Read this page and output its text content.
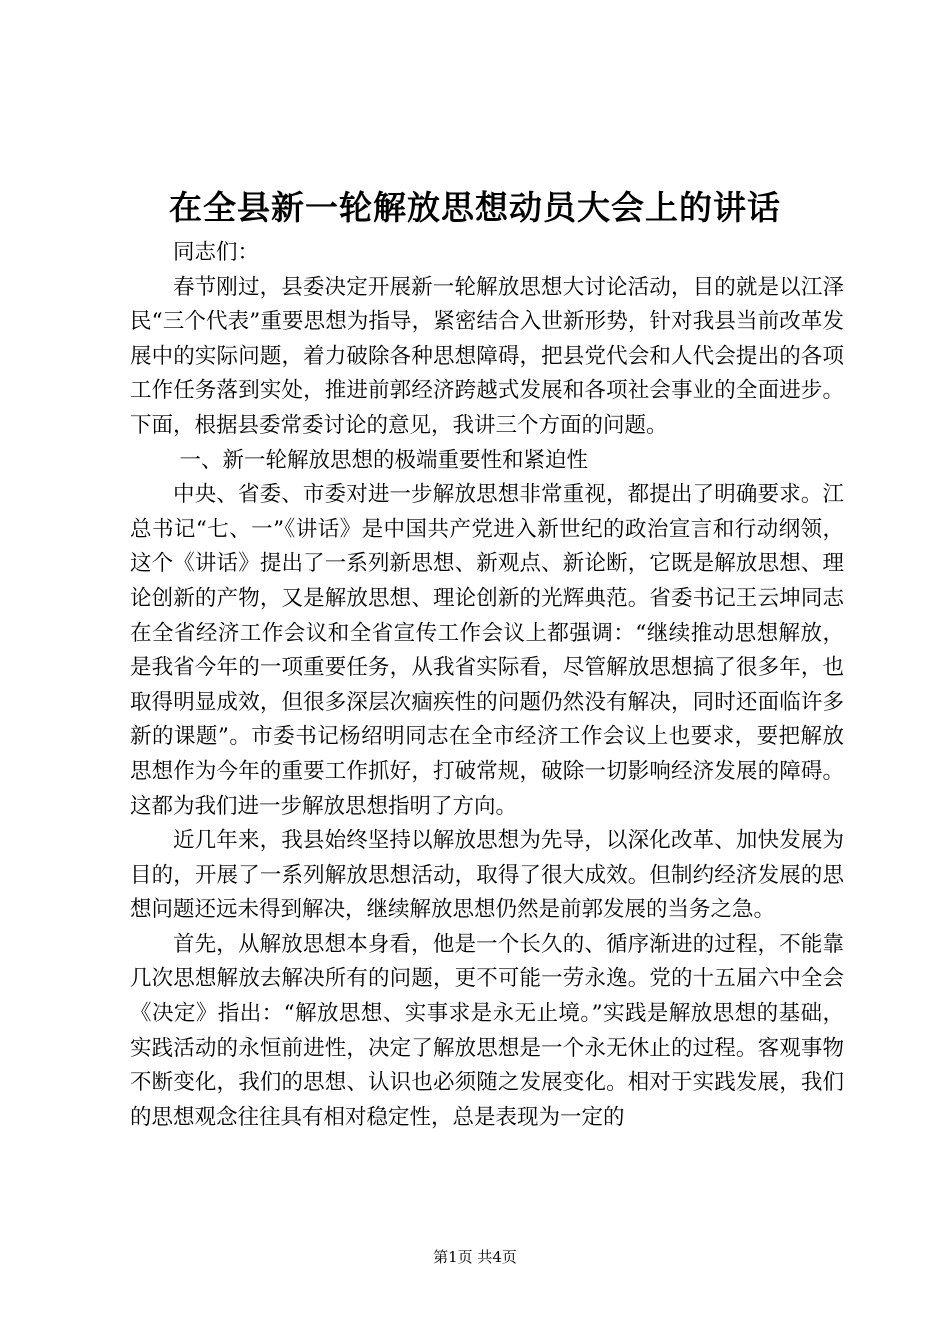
在全县新一轮解放思想动员大会上的讲话

同志们：

春节刚过，县委决定开展新一轮解放思想大讨论活动，目的就是以江泽民“三个代表”重要思想为指导，紧密结合入世新形势，针对我县当前改革发展中的实际问题，着力破除各种思想障碍，把县党代会和人代会提出的各项工作任务落到实处，推进前郭经济跨越式发展和各项社会事业的全面进步。下面，根据县委常委讨论的意见，我讲三个方面的问题。

一、新一轮解放思想的极端重要性和紧迫性

中央、省委、市委对进一步解放思想非常重视，都提出了明确要求。江总书记“七、一”《讲话》是中国共产党进入新世纪的政治宣言和行动纲领，这个《讲话》提出了一系列新思想、新观点、新论断，它既是解放思想、理论创新的产物，又是解放思想、理论创新的光辉典范。省委书记王云坤同志在全省经济工作会议和全省宣传工作会议上都强调：“继续推动思想解放，是我省今年的一项重要任务，从我省实际看，尽管解放思想搞了很多年，也取得明显成效，但很多深层次痼疾性的问题仍然没有解决，同时还面临许多新的课题”。市委书记杨绍明同志在全市经济工作会议上也要求，要把解放思想作为今年的重要工作抓好，打破常规，破除一切影响经济发展的障碍。这都为我们进一步解放思想指明了方向。

近几年来，我县始终坚持以解放思想为先导，以深化改革、加快发展为目的，开展了一系列解放思想活动，取得了很大成效。但制约经济发展的思想问题还远未得到解决，继续解放思想仍然是前郭发展的当务之急。

首先，从解放思想本身看，他是一个长久的、循序渐进的过程，不能靠几次思想解放去解决所有的问题，更不可能一劳永逸。党的十五届六中全会《决定》指出：“解放思想、实事求是永无止境。”实践是解放思想的基础，实践活动的永恒前进性，决定了解放思想是一个永无休止的过程。客观事物不断变化，我们的思想、认识也必须随之发展变化。相对于实践发展，我们的思想观念往往具有相对稳定性，总是表现为一定的

第1页 共4页
